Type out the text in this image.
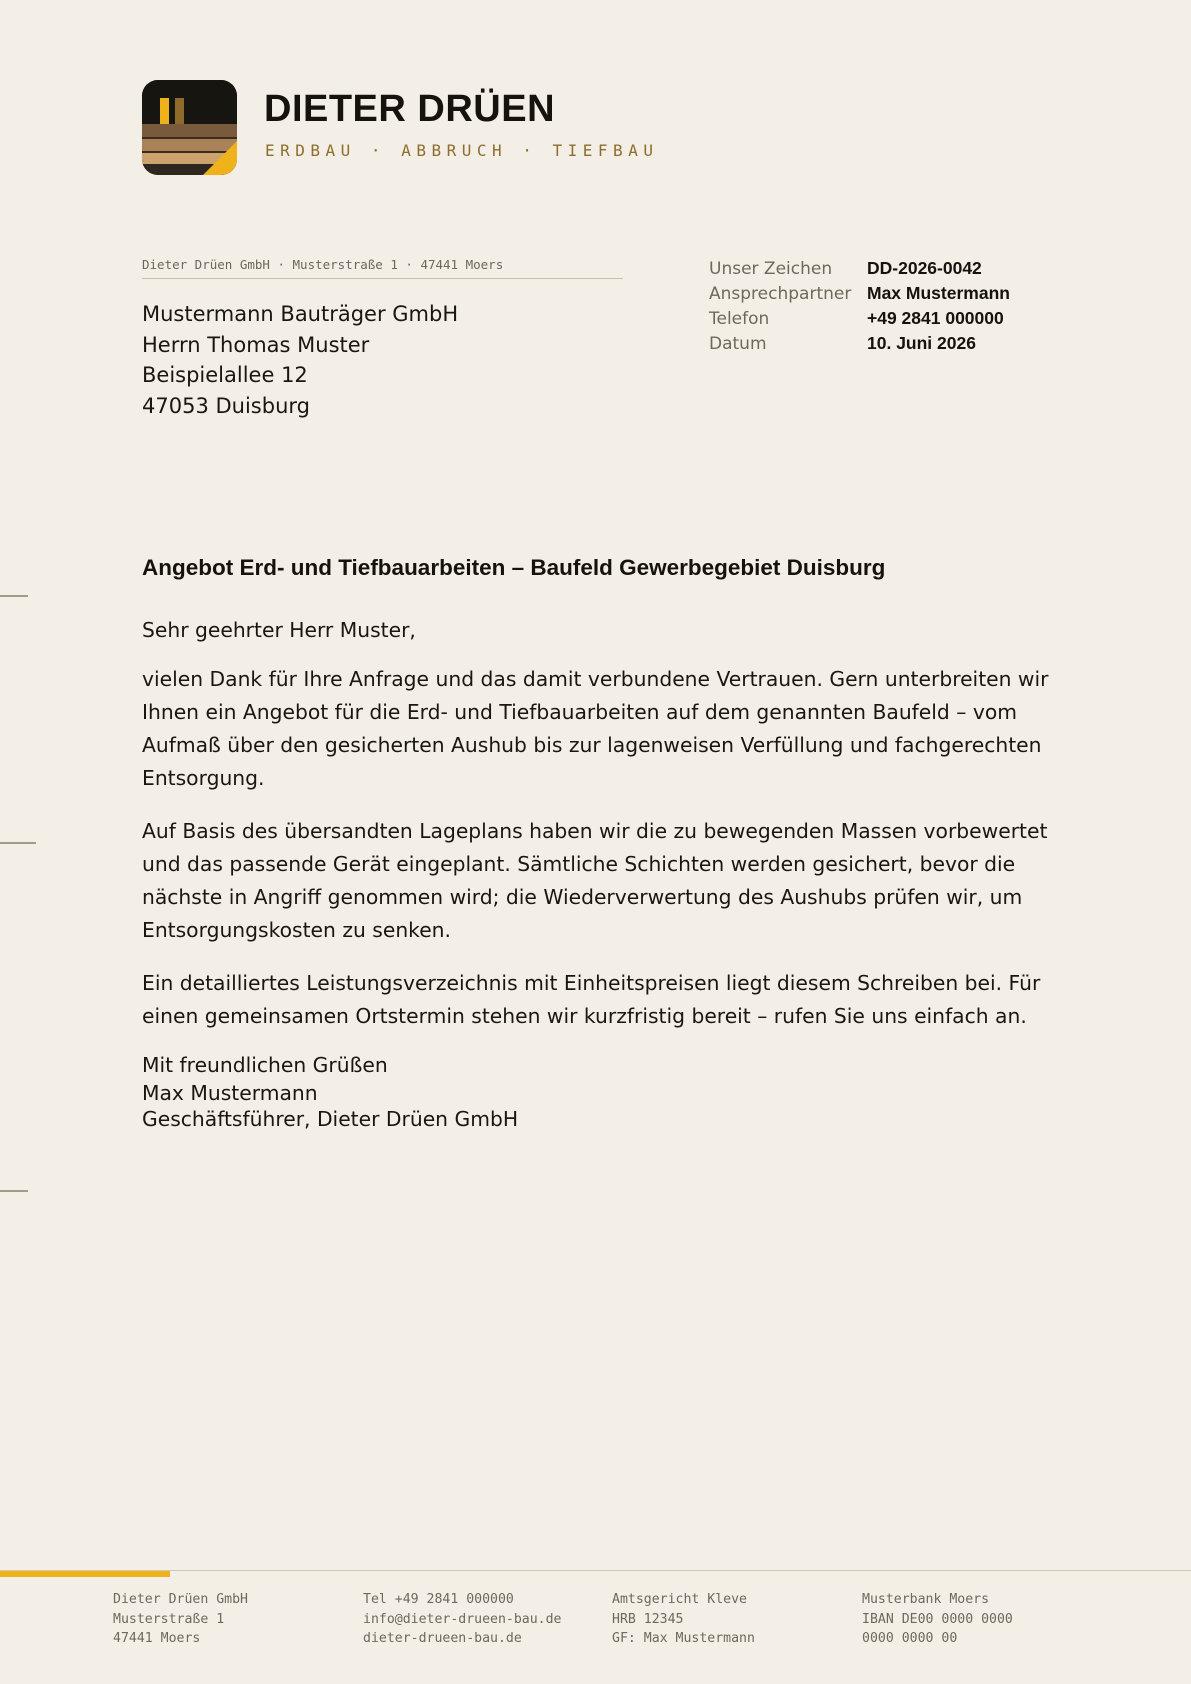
DIETER DRÜEN
ERDBAU · ABBRUCH · TIEFBAU
Dieter Drüen GmbH · Musterstraße 1 · 47441 Moers
Mustermann Bauträger GmbH
Herrn Thomas Muster
Beispielallee 12
47053 Duisburg
Unser Zeichen	DD-2026-0042
Ansprechpartner Max Mustermann
Telefon	+49 2841 000000
Datum	10. Juni 2026
Angebot Erd- und Tiefbauarbeiten – Baufeld Gewerbegebiet Duisburg

Sehr geehrter Herr Muster,

vielen Dank für Ihre Anfrage und das damit verbundene Vertrauen. Gern unterbreiten wir Ihnen ein Angebot für die Erd- und Tiefbauarbeiten auf dem genannten Baufeld – vom Aufmaß über den gesicherten Aushub bis zur lagenweisen Verfüllung und fachgerechten Entsorgung.

Auf Basis des übersandten Lageplans haben wir die zu bewegenden Massen vorbewertet und das passende Gerät eingeplant. Sämtliche Schichten werden gesichert, bevor die nächste in Angriff genommen wird; die Wiederverwertung des Aushubs prüfen wir, um Entsorgungskosten zu senken.

Ein detailliertes Leistungsverzeichnis mit Einheitspreisen liegt diesem Schreiben bei. Für einen gemeinsamen Ortstermin stehen wir kurzfristig bereit – rufen Sie uns einfach an.

Mit freundlichen Grüßen

Max Mustermann
Geschäftsführer, Dieter Drüen GmbH
Dieter Drüen GmbH
Musterstraße 1
47441 Moers
Tel +49 2841 000000
info@dieter-drueen-bau.de
dieter-drueen-bau.de
Amtsgericht Kleve
HRB 12345
GF: Max Mustermann
Musterbank Moers
IBAN DE00 0000 0000
0000 0000 00
